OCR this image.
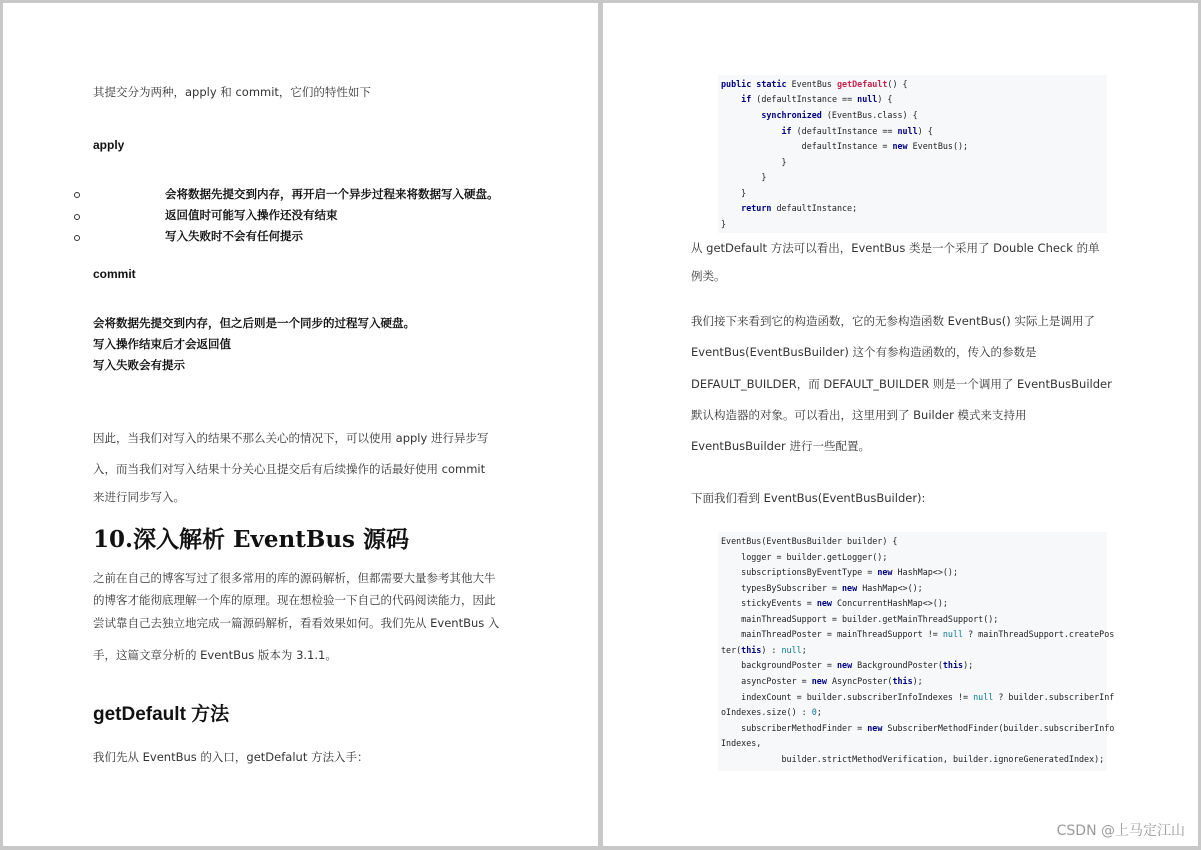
其提交分为两种，apply 和 commit，它们的特性如下
apply
会将数据先提交到内存，再开启一个异步过程来将数据写入硬盘。
返回值时可能写入操作还没有结束
写入失败时不会有任何提示
commit
会将数据先提交到内存，但之后则是一个同步的过程写入硬盘。
写入操作结束后才会返回值
写入失败会有提示
因此，当我们对写入的结果不那么关心的情况下，可以使用 apply 进行异步写
入，而当我们对写入结果十分关心且提交后有后续操作的话最好使用 commit
来进行同步写入。
10.深入解析 EventBus 源码
之前在自己的博客写过了很多常用的库的源码解析，但都需要大量参考其他大牛
的博客才能彻底理解一个库的原理。现在想检验一下自己的代码阅读能力，因此
尝试靠自己去独立地完成一篇源码解析，看看效果如何。我们先从 EventBus 入
手，这篇文章分析的 EventBus 版本为 3.1.1。
getDefault 方法
我们先从 EventBus 的入口，getDefalut 方法入手：
public static EventBus getDefault() {
if (defaultInstance == null) {
synchronized (EventBus.class) {
if (defaultInstance == null) {
defaultInstance = new EventBus();
}
}
}
return defaultInstance;
}
从 getDefault 方法可以看出，EventBus 类是一个采用了 Double Check 的单
例类。
我们接下来看到它的构造函数，它的无参构造函数 EventBus() 实际上是调用了
EventBus(EventBusBuilder) 这个有参构造函数的，传入的参数是
DEFAULT_BUILDER，而 DEFAULT_BUILDER 则是一个调用了 EventBusBuilder
默认构造器的对象。可以看出，这里用到了 Builder 模式来支持用
EventBusBuilder 进行一些配置。
下面我们看到 EventBus(EventBusBuilder):
EventBus(EventBusBuilder builder) {
logger = builder.getLogger();
subscriptionsByEventType = new HashMap<>();
typesBySubscriber = new HashMap<>();
stickyEvents = new ConcurrentHashMap<>();
mainThreadSupport = builder.getMainThreadSupport();
mainThreadPoster = mainThreadSupport != null ? mainThreadSupport.createPos
ter(this) : null;
backgroundPoster = new BackgroundPoster(this);
asyncPoster = new AsyncPoster(this);
indexCount = builder.subscriberInfoIndexes != null ? builder.subscriberInf
oIndexes.size() : 0;
subscriberMethodFinder = new SubscriberMethodFinder(builder.subscriberInfo
Indexes,
builder.strictMethodVerification, builder.ignoreGeneratedIndex);
CSDN @上马定江山
